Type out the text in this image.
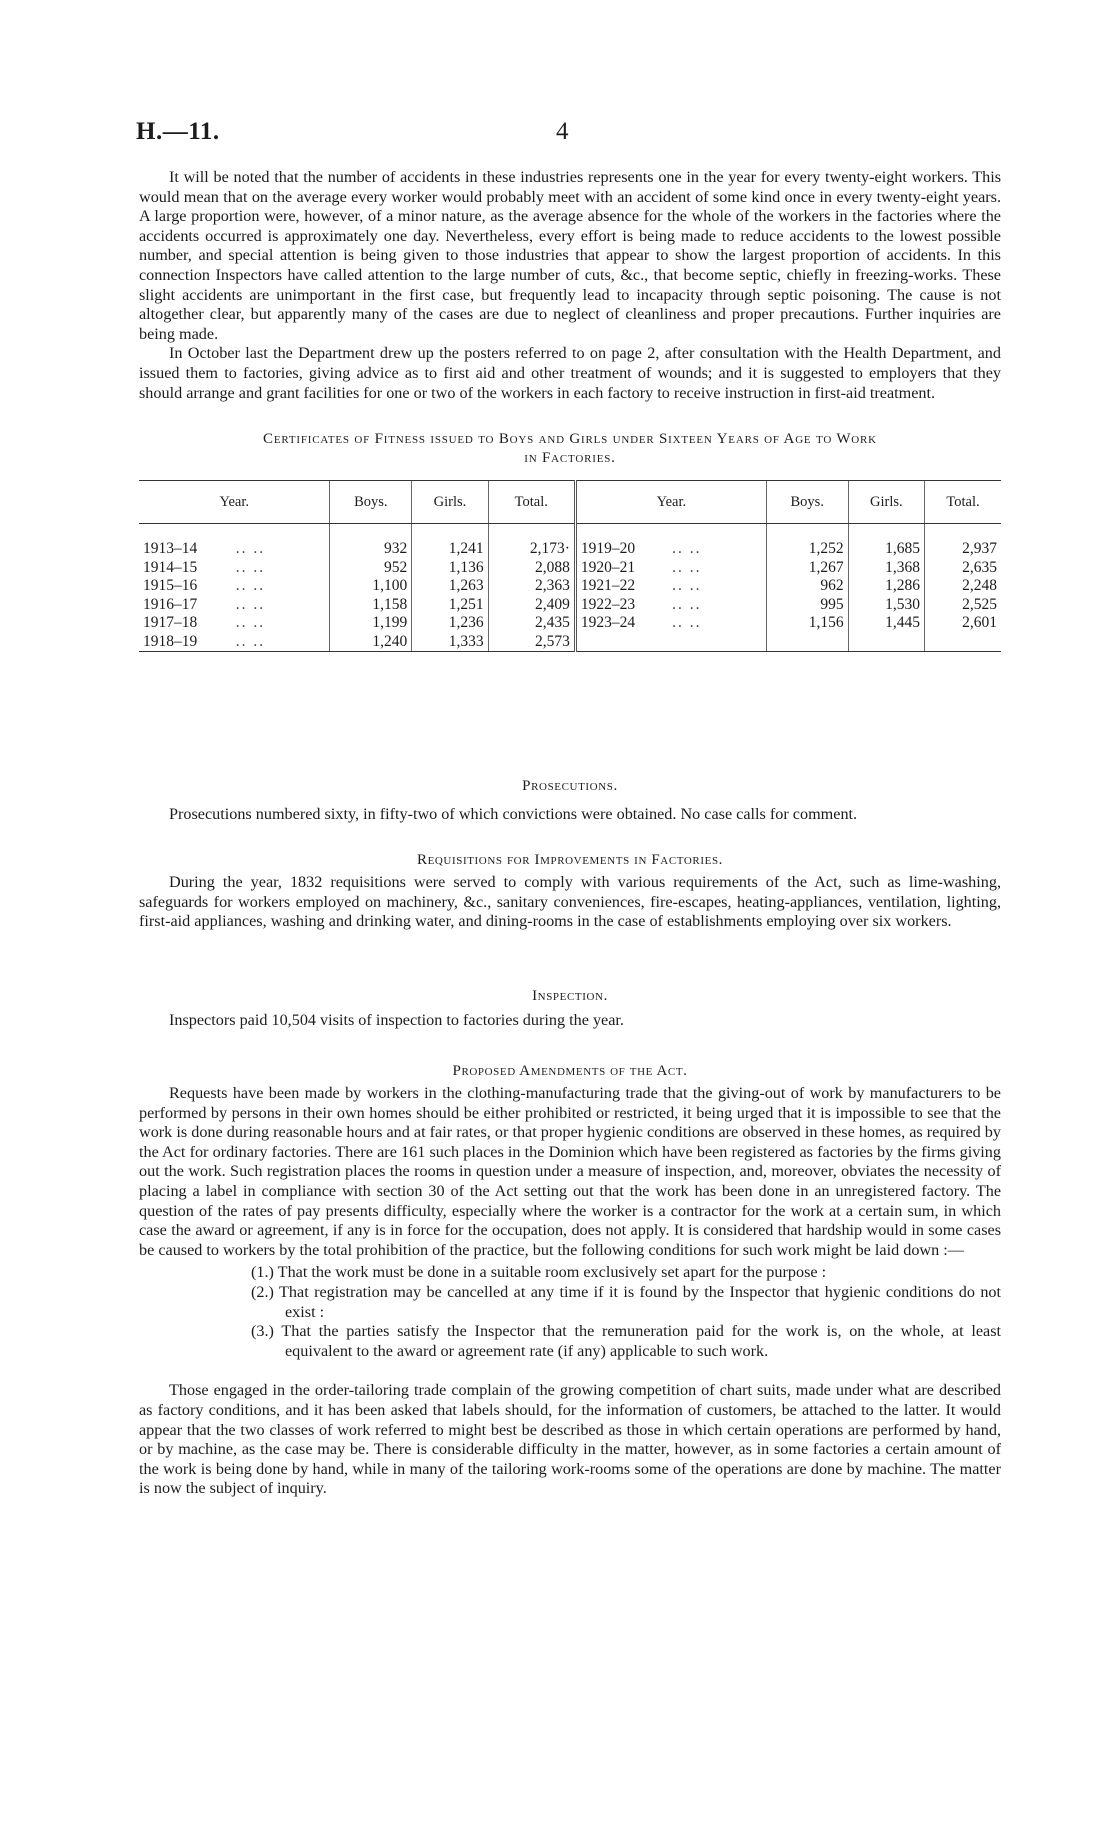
H.—11.	4

It will be noted that the number of accidents in these industries represents one in the year for every twenty-eight workers. This would mean that on the average every worker would probably meet with an accident of some kind once in every twenty-eight years. A large proportion were, however, of a minor nature, as the average absence for the whole of the workers in the factories where the accidents occurred is approximately one day. Nevertheless, every effort is being made to reduce accidents to the lowest possible number, and special attention is being given to those industries that appear to show the largest proportion of accidents. In this connection Inspectors have called attention to the large number of cuts, &c., that become septic, chiefly in freezing-works. These slight accidents are unimportant in the first case, but frequently lead to incapacity through septic poisoning. The cause is not altogether clear, but apparently many of the cases are due to neglect of cleanliness and proper precautions. Further inquiries are being made.

In October last the Department drew up the posters referred to on page 2, after consultation with the Health Department, and issued them to factories, giving advice as to first aid and other treatment of wounds; and it is suggested to employers that they should arrange and grant facilities for one or two of the workers in each factory to receive instruction in first-aid treatment.

Certificates of Fitness issued to Boys and Girls under Sixteen Years of Age to Work
in Factories.
Year.		Boys.	Girls.	Total.	Year.		Boys.	Girls.	Total.
1913–14	.. ..	932	1,241	2,173·	1919–20	.. ..	1,252	1,685	2,937
1914–15	.. ..	952	1,136	2,088	1920–21	.. ..	1,267	1,368	2,635
1915–16	.. ..	1,100	1,263	2,363	1921–22	.. ..	962	1,286	2,248
1916–17	.. ..	1,158	1,251	2,409	1922–23	.. ..	995	1,530	2,525
1917–18	.. ..	1,199	1,236	2,435	1923–24	.. ..	1,156	1,445	2,601
1918–19	.. ..	1,240	1,333	2,573					
Prosecutions.

Prosecutions numbered sixty, in fifty-two of which convictions were obtained. No case calls for comment.

Requisitions for Improvements in Factories.

During the year, 1832 requisitions were served to comply with various requirements of the Act, such as lime-washing, safeguards for workers employed on machinery, &c., sanitary conveniences, fire-escapes, heating-appliances, ventilation, lighting, first-aid appliances, washing and drinking water, and dining-rooms in the case of establishments employing over six workers.

Inspection.

Inspectors paid 10,504 visits of inspection to factories during the year.

Proposed Amendments of the Act.

Requests have been made by workers in the clothing-manufacturing trade that the giving-out of work by manufacturers to be performed by persons in their own homes should be either prohibited or restricted, it being urged that it is impossible to see that the work is done during reasonable hours and at fair rates, or that proper hygienic conditions are observed in these homes, as required by the Act for ordinary factories. There are 161 such places in the Dominion which have been registered as factories by the firms giving out the work. Such registration places the rooms in question under a measure of inspection, and, moreover, obviates the necessity of placing a label in compliance with section 30 of the Act setting out that the work has been done in an unregistered factory. The question of the rates of pay presents difficulty, especially where the worker is a contractor for the work at a certain sum, in which case the award or agreement, if any is in force for the occupation, does not apply. It is considered that hardship would in some cases be caused to workers by the total prohibition of the practice, but the following conditions for such work might be laid down :—

(1.) That the work must be done in a suitable room exclusively set apart for the purpose :

(2.) That registration may be cancelled at any time if it is found by the Inspector that hygienic conditions do not exist :

(3.) That the parties satisfy the Inspector that the remuneration paid for the work is, on the whole, at least equivalent to the award or agreement rate (if any) applicable to such work.

Those engaged in the order-tailoring trade complain of the growing competition of chart suits, made under what are described as factory conditions, and it has been asked that labels should, for the information of customers, be attached to the latter. It would appear that the two classes of work referred to might best be described as those in which certain operations are performed by hand, or by machine, as the case may be. There is considerable difficulty in the matter, however, as in some factories a certain amount of the work is being done by hand, while in many of the tailoring work-rooms some of the operations are done by machine. The matter is now the subject of inquiry.
